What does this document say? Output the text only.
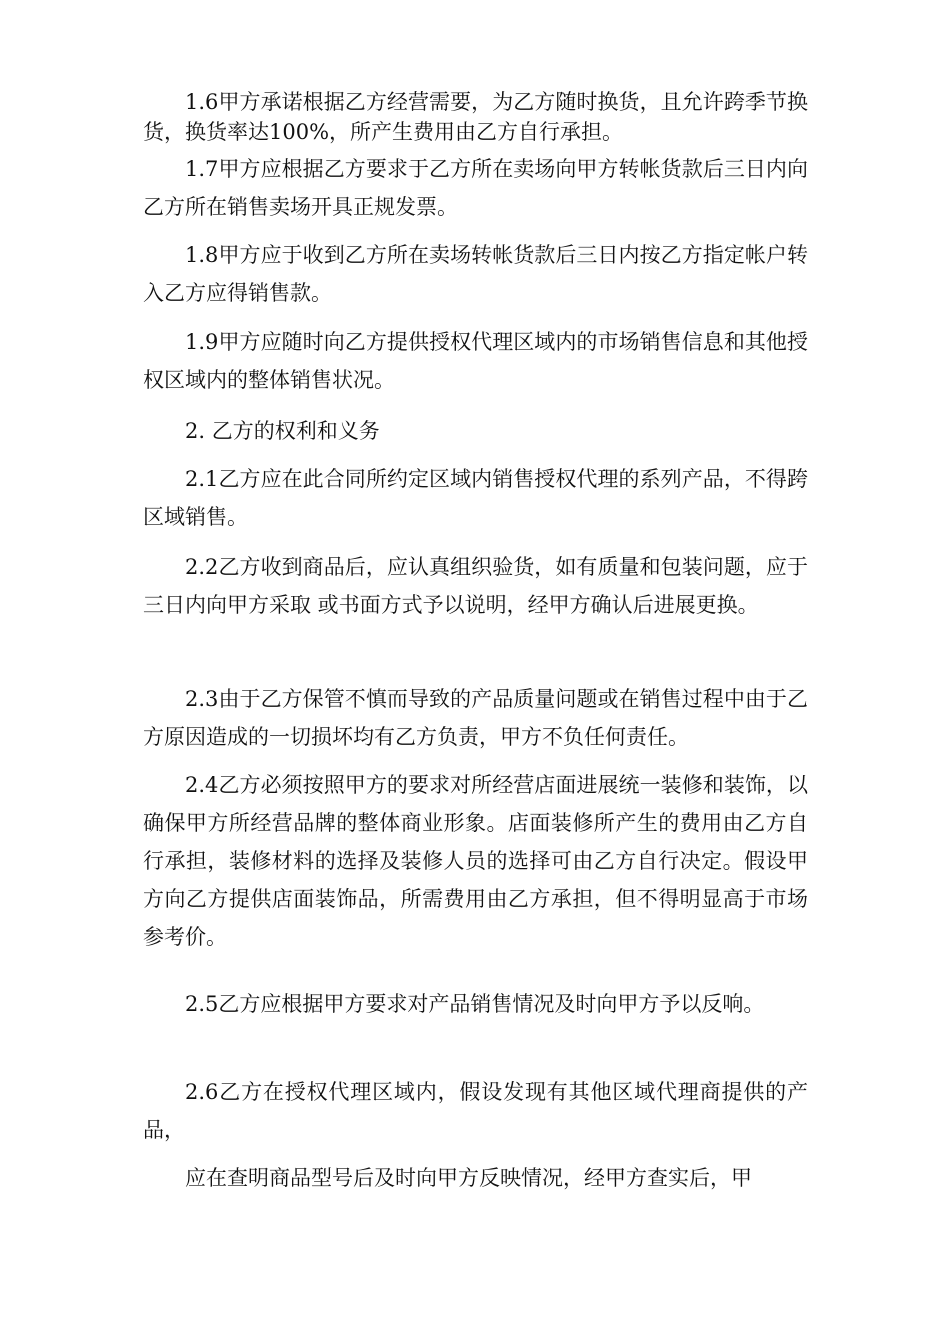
1.6甲方承诺根据乙方经营需要，为乙方随时换货，且允许跨季节换货，换货率达100%，所产生费用由乙方自行承担。

1.7甲方应根据乙方要求于乙方所在卖场向甲方转帐货款后三日内向乙方所在销售卖场开具正规发票。

1.8甲方应于收到乙方所在卖场转帐货款后三日内按乙方指定帐户转入乙方应得销售款。

1.9甲方应随时向乙方提供授权代理区域内的市场销售信息和其他授权区域内的整体销售状况。

2. 乙方的权利和义务

2.1乙方应在此合同所约定区域内销售授权代理的系列产品，不得跨区域销售。

2.2乙方收到商品后，应认真组织验货，如有质量和包装问题，应于三日内向甲方采取 或书面方式予以说明，经甲方确认后进展更换。

2.3由于乙方保管不慎而导致的产品质量问题或在销售过程中由于乙方原因造成的一切损坏均有乙方负责，甲方不负任何责任。

2.4乙方必须按照甲方的要求对所经营店面进展统一装修和装饰，以确保甲方所经营品牌的整体商业形象。店面装修所产生的费用由乙方自行承担，装修材料的选择及装修人员的选择可由乙方自行决定。假设甲方向乙方提供店面装饰品，所需费用由乙方承担，但不得明显高于市场参考价。

2.5乙方应根据甲方要求对产品销售情况及时向甲方予以反响。

2.6乙方在授权代理区域内，假设发现有其他区域代理商提供的产品，

应在查明商品型号后及时向甲方反映情况，经甲方查实后，甲
